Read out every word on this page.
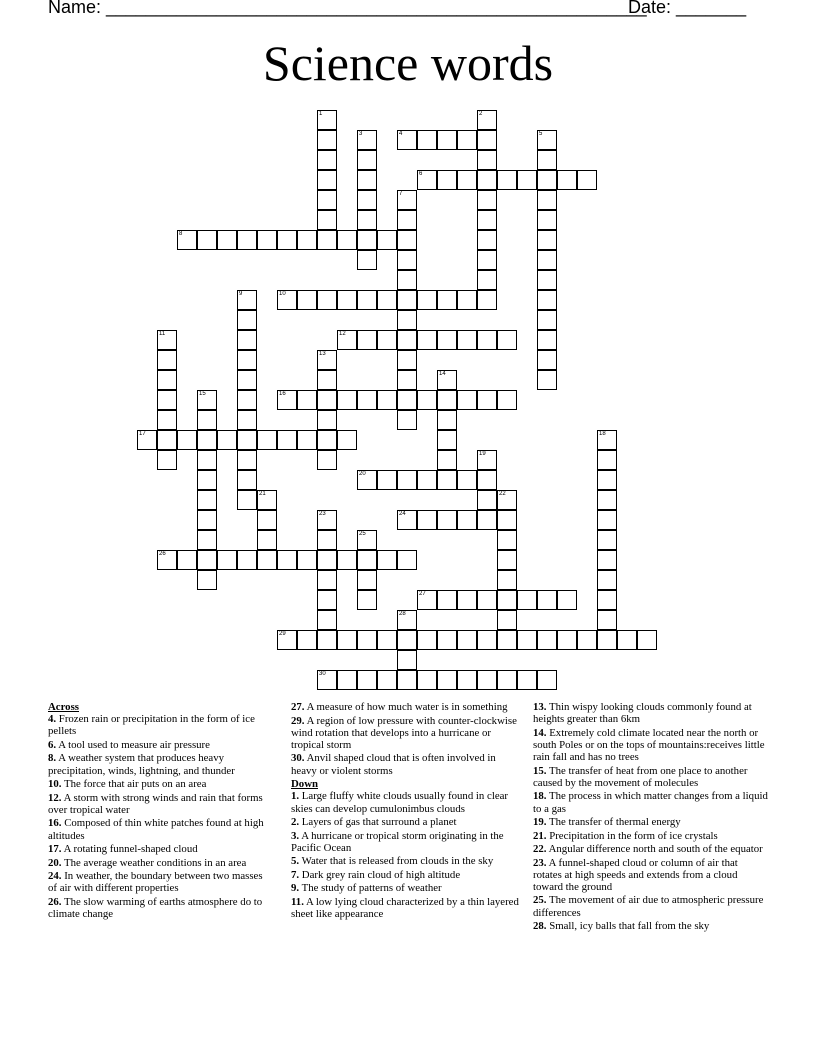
Name: ______________________________________________________
Date: _______
Science words
4
6
8
10
12
16
17
20
24
26
27
29
30
1	2
3	5
7
9
11
13
14
15
18
19
21	22
23
25
28
Across
4. Frozen rain or precipitation in the form of ice pellets
6. A tool used to measure air pressure
8. A weather system that produces heavy precipitation, winds, lightning, and thunder
10. The force that air puts on an area
12. A storm with strong winds and rain that forms over tropical water
16. Composed of thin white patches found at high altitudes
17. A rotating funnel-shaped cloud
20. The average weather conditions in an area
24. In weather, the boundary between two masses of air with different properties
26. The slow warming of earths atmosphere do to climate change
27. A measure of how much water is in something
29. A region of low pressure with counter-clockwise wind rotation that develops into a hurricane or tropical storm
30. Anvil shaped cloud that is often involved in heavy or violent storms
Down
1. Large fluffy white clouds usually found in clear skies can develop cumulonimbus clouds
2. Layers of gas that surround a planet
3. A hurricane or tropical storm originating in the Pacific Ocean
5. Water that is released from clouds in the sky
7. Dark grey rain cloud of high altitude
9. The study of patterns of weather
11. A low lying cloud characterized by a thin layered sheet like appearance
13. Thin wispy looking clouds commonly found at heights greater than 6km
14. Extremely cold climate located near the north or south Poles or on the tops of mountains:receives little rain fall and has no trees
15. The transfer of heat from one place to another caused by the movement of molecules
18. The process in which matter changes from a liquid to a gas
19. The transfer of thermal energy
21. Precipitation in the form of ice crystals
22. Angular difference north and south of the equator
23. A funnel-shaped cloud or column of air that rotates at high speeds and extends from a cloud toward the ground
25. The movement of air due to atmospheric pressure differences
28. Small, icy balls that fall from the sky
